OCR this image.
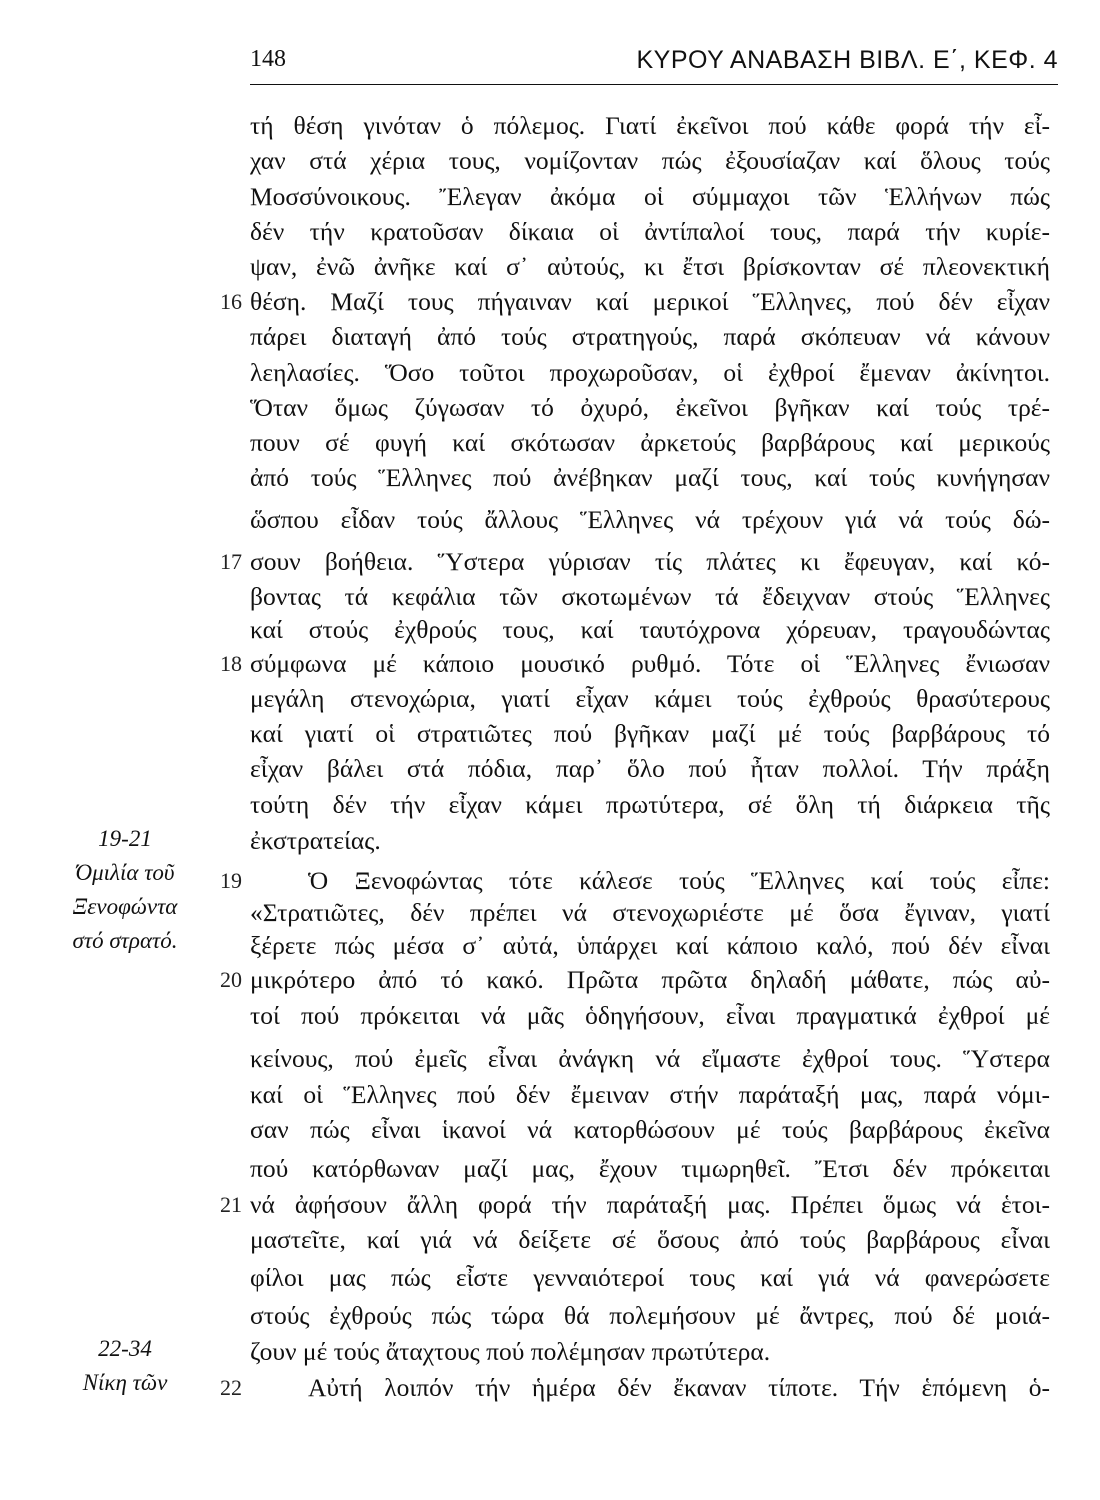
148	ΚΥΡΟΥ ΑΝΑΒΑΣΗ ΒΙΒΛ. Ε΄, ΚΕΦ. 4
16
17
18
19
20
21
22
19-21
Όμιλία τοῦ
Ξενοφώντα
στό στρατό.
22-34
Νίκη τῶν
τή θέση γινόταν ὁ πόλεμος. Γιατί ἐκεῖνοι πού κάθε φορά τήν εἶ-
χαν στά χέρια τους, νομίζονταν πώς ἐξουσίαζαν καί ὅλους τούς
Μοσσύνοικους. Ἔλεγαν ἀκόμα οἱ σύμμαχοι τῶν Ἑλλήνων πώς
δέν τήν κρατοῦσαν δίκαια οἱ ἀντίπαλοί τους, παρά τήν κυρίε-
ψαν, ἐνῶ ἀνῆκε καί σ᾿ αὐτούς, κι ἔτσι βρίσκονταν σέ πλεονεκτική
θέση. Μαζί τους πήγαιναν καί μερικοί Ἕλληνες, πού δέν εἶχαν
πάρει διαταγή ἀπό τούς στρατηγούς, παρά σκόπευαν νά κάνουν
λεηλασίες. Ὅσο τοῦτοι προχωροῦσαν, οἱ ἐχθροί ἔμεναν ἀκίνητοι.
Ὅταν ὅμως ζύγωσαν τό ὀχυρό, ἐκεῖνοι βγῆκαν καί τούς τρέ-
πουν σέ φυγή καί σκότωσαν ἀρκετούς βαρβάρους καί μερικούς
ἀπό τούς Ἕλληνες πού ἀνέβηκαν μαζί τους, καί τούς κυνήγησαν
ὥσπου εἶδαν τούς ἄλλους Ἕλληνες νά τρέχουν γιά νά τούς δώ-
σουν βοήθεια. Ὕστερα γύρισαν τίς πλάτες κι ἔφευγαν, καί κό-
βοντας τά κεφάλια τῶν σκοτωμένων τά ἔδειχναν στούς Ἕλληνες
καί στούς ἐχθρούς τους, καί ταυτόχρονα χόρευαν, τραγουδώντας
σύμφωνα μέ κάποιο μουσικό ρυθμό. Τότε οἱ Ἕλληνες ἔνιωσαν
μεγάλη στενοχώρια, γιατί εἶχαν κάμει τούς ἐχθρούς θρασύτερους
καί γιατί οἱ στρατιῶτες πού βγῆκαν μαζί μέ τούς βαρβάρους τό
εἶχαν βάλει στά πόδια, παρ᾿ ὅλο πού ἦταν πολλοί. Τήν πράξη
τούτη δέν τήν εἶχαν κάμει πρωτύτερα, σέ ὅλη τή διάρκεια τῆς
ἐκστρατείας.
Ὁ Ξενοφώντας τότε κάλεσε τούς Ἕλληνες καί τούς εἶπε:
«Στρατιῶτες, δέν πρέπει νά στενοχωριέστε μέ ὅσα ἔγιναν, γιατί
ξέρετε πώς μέσα σ᾿ αὐτά, ὑπάρχει καί κάποιο καλό, πού δέν εἶναι
μικρότερο ἀπό τό κακό. Πρῶτα πρῶτα δηλαδή μάθατε, πώς αὐ-
τοί πού πρόκειται νά μᾶς ὁδηγήσουν, εἶναι πραγματικά ἐχθροί μέ
κείνους, πού ἐμεῖς εἶναι ἀνάγκη νά εἴμαστε ἐχθροί τους. Ὕστερα
καί οἱ Ἕλληνες πού δέν ἔμειναν στήν παράταξή μας, παρά νόμι-
σαν πώς εἶναι ἱκανοί νά κατορθώσουν μέ τούς βαρβάρους ἐκεῖνα
πού κατόρθωναν μαζί μας, ἔχουν τιμωρηθεῖ. Ἔτσι δέν πρόκειται
νά ἀφήσουν ἄλλη φορά τήν παράταξή μας. Πρέπει ὅμως νά ἑτοι-
μαστεῖτε, καί γιά νά δείξετε σέ ὅσους ἀπό τούς βαρβάρους εἶναι
φίλοι μας πώς εἶστε γενναιότεροί τους καί γιά νά φανερώσετε
στούς ἐχθρούς πώς τώρα θά πολεμήσουν μέ ἄντρες, πού δέ μοιά-
ζουν μέ τούς ἄταχτους πού πολέμησαν πρωτύτερα.
Αὐτή λοιπόν τήν ἡμέρα δέν ἔκαναν τίποτε. Τήν ἑπόμενη ὁ-
